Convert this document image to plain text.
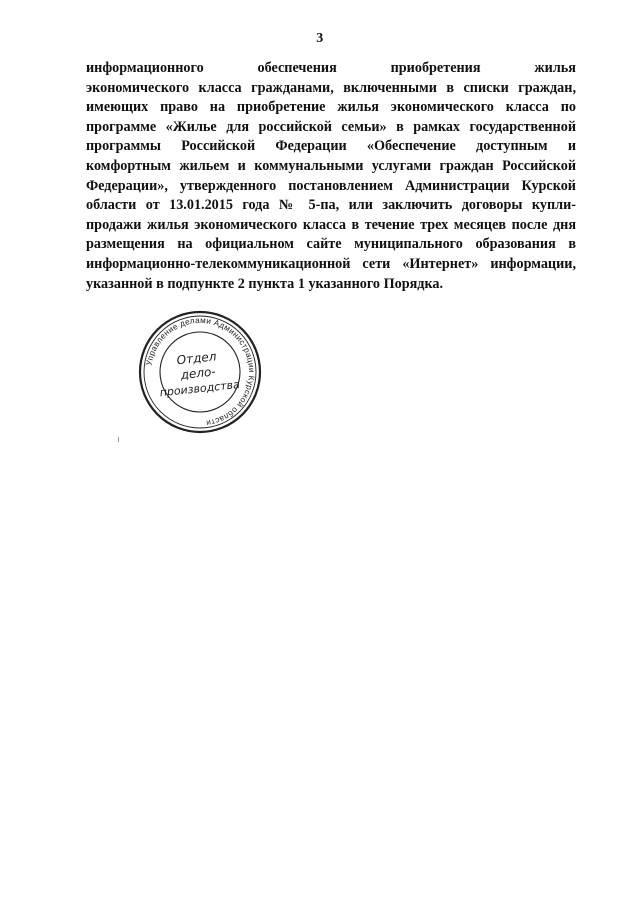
3
информационного обеспечения приобретения жилья
экономического класса гражданами, включенными в списки граждан,
имеющих право на приобретение жилья экономического класса по
программе «Жилье для российской семьи» в рамках государственной
программы Российской Федерации «Обеспечение доступным и
комфортным жильем и коммунальными услугами граждан Российской
Федерации», утвержденного постановлением Администрации Курской
области от 13.01.2015 года № 5-па, или заключить договоры купли-
продажи жилья экономического класса в течение трех месяцев после дня
размещения на официальном сайте муниципального образования в
информационно-телекоммуникационной сети «Интернет» информации,
указанной в подпункте 2 пункта 1 указанного Порядка.
Управление делами Администрации Курской области
Отдел
дело-
производства
